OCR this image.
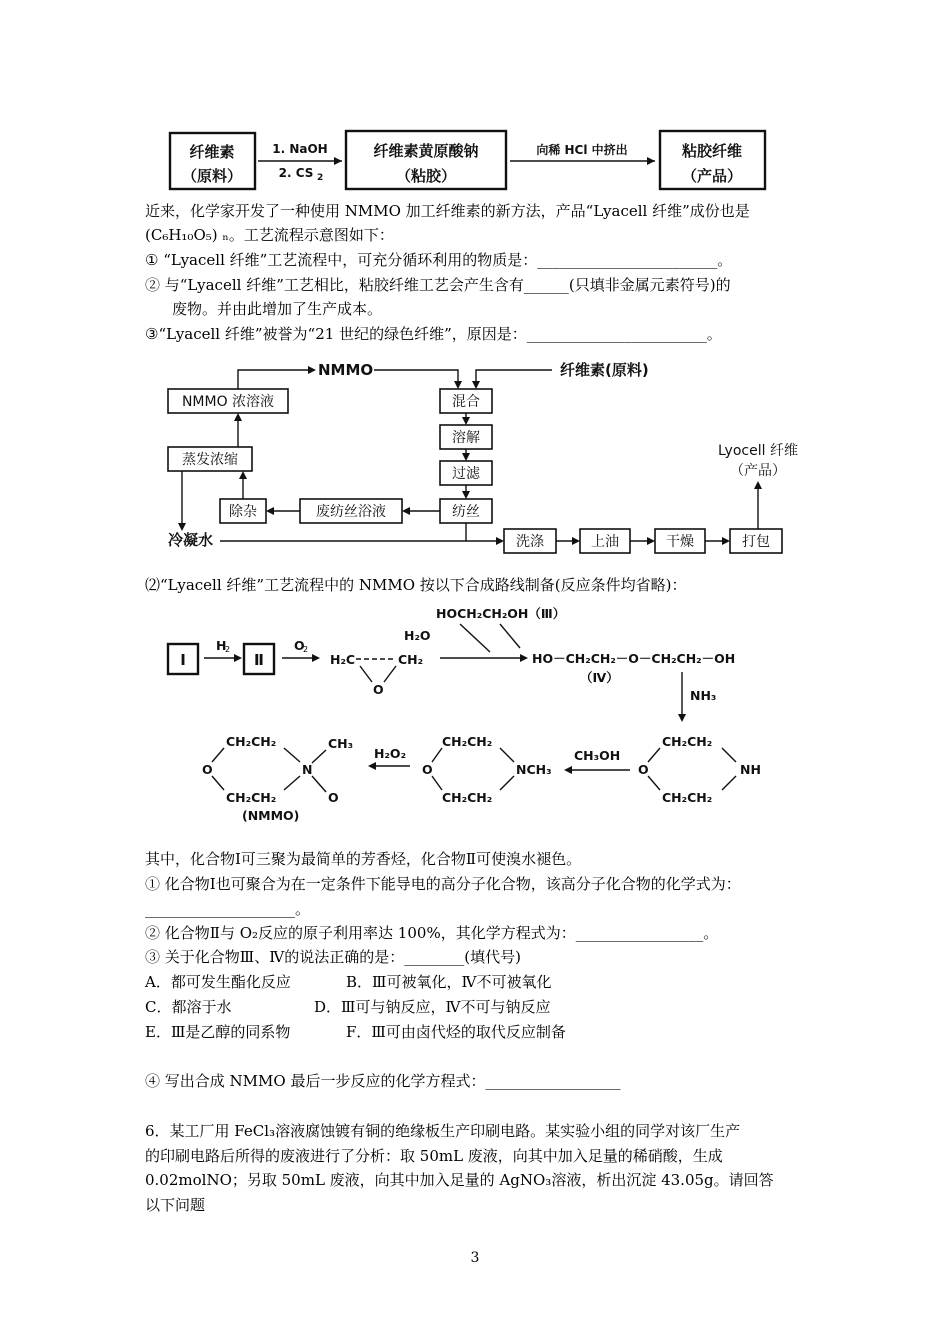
纤维素
（原料）
1. NaOH
2. CS 2
纤维素黄原酸钠
（粘胶）
向稀 HCl 中挤出	粘胶纤维
（产品）
近来，化学家开发了一种使用 NMMO 加工纤维素的新方法，产品“Lyacell 纤维”成份也是
(C₆H₁₀O₅) ₙ。工艺流程示意图如下：
① “Lyacell 纤维”工艺流程中，可充分循环利用的物质是：________________________。
② 与“Lyacell 纤维”工艺相比，粘胶纤维工艺会产生含有______(只填非金属元素符号)的
废物。并由此增加了生产成本。
③“Lyacell 纤维”被誉为“21 世纪的绿色纤维”，原因是：________________________。
NMMO	纤维素(原料)
NMMO 浓溶液	混合
溶解
蒸发浓缩
过滤
Lyocell 纤维
（产品）
除杂	废纺丝浴液	纺丝
冷凝水	洗涤	上油	干燥	打包
⑵“Lyacell 纤维”工艺流程中的 NMMO 按以下合成路线制备(反应条件均省略)：
Ⅰ
H
2
Ⅱ
O
2
H₂C	CH₂
O
H₂O
HOCH₂CH₂OH（Ⅲ）
HO－CH₂CH₂－O－CH₂CH₂－OH
（Ⅳ）
NH₃
CH₂CH₂
CH₂CH₂
O	NH
CH₃OH
CH₂CH₂
CH₂CH₂
O	NCH₃
H₂O₂
CH₂CH₂
CH₂CH₂
O	N
CH₃
O
(NMMO)
其中，化合物Ⅰ可三聚为最简单的芳香烃，化合物Ⅱ可使溴水褪色。
① 化合物Ⅰ也可聚合为在一定条件下能导电的高分子化合物，该高分子化合物的化学式为：
____________________。
② 化合物Ⅱ与 O₂反应的原子利用率达 100%，其化学方程式为：_________________。
③ 关于化合物Ⅲ、Ⅳ的说法正确的是：________(填代号)
A．都可发生酯化反应	B．Ⅲ可被氧化，Ⅳ不可被氧化
C．都溶于水	D．Ⅲ可与钠反应，Ⅳ不可与钠反应
E．Ⅲ是乙醇的同系物	F．Ⅲ可由卤代烃的取代反应制备
④ 写出合成 NMMO 最后一步反应的化学方程式：__________________
6．某工厂用 FeCl₃溶液腐蚀镀有铜的绝缘板生产印刷电路。某实验小组的同学对该厂生产
的印刷电路后所得的废液进行了分析：取 50mL 废液，向其中加入足量的稀硝酸，生成
0.02molNO；另取 50mL 废液，向其中加入足量的 AgNO₃溶液，析出沉淀 43.05g。请回答
以下问题
3
